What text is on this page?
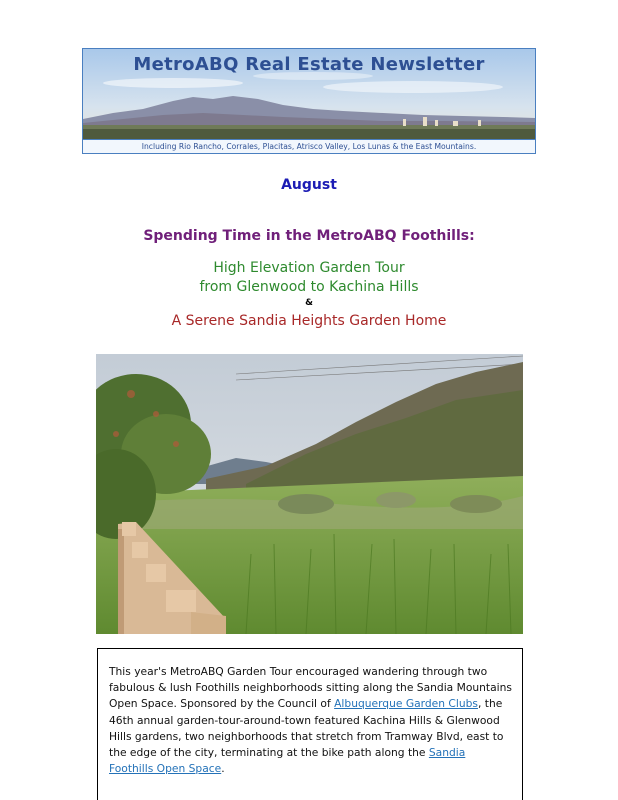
MetroABQ Real Estate Newsletter
Including Rio Rancho, Corrales, Placitas, Atrisco Valley, Los Lunas & the East Mountains.
August
Spending Time in the MetroABQ Foothills:
High Elevation Garden Tour
from Glenwood to Kachina Hills
&
A Serene Sandia Heights Garden Home
This year's MetroABQ Garden Tour encouraged wandering through two fabulous & lush Foothills neighborhoods sitting along the Sandia Mountains Open Space. Sponsored by the Council of Albuquerque Garden Clubs, the 46th annual garden-tour-around-town featured Kachina Hills & Glenwood Hills gardens, two neighborhoods that stretch from Tramway Blvd, east to the edge of the city, terminating at the bike path along the Sandia Foothills Open Space.
